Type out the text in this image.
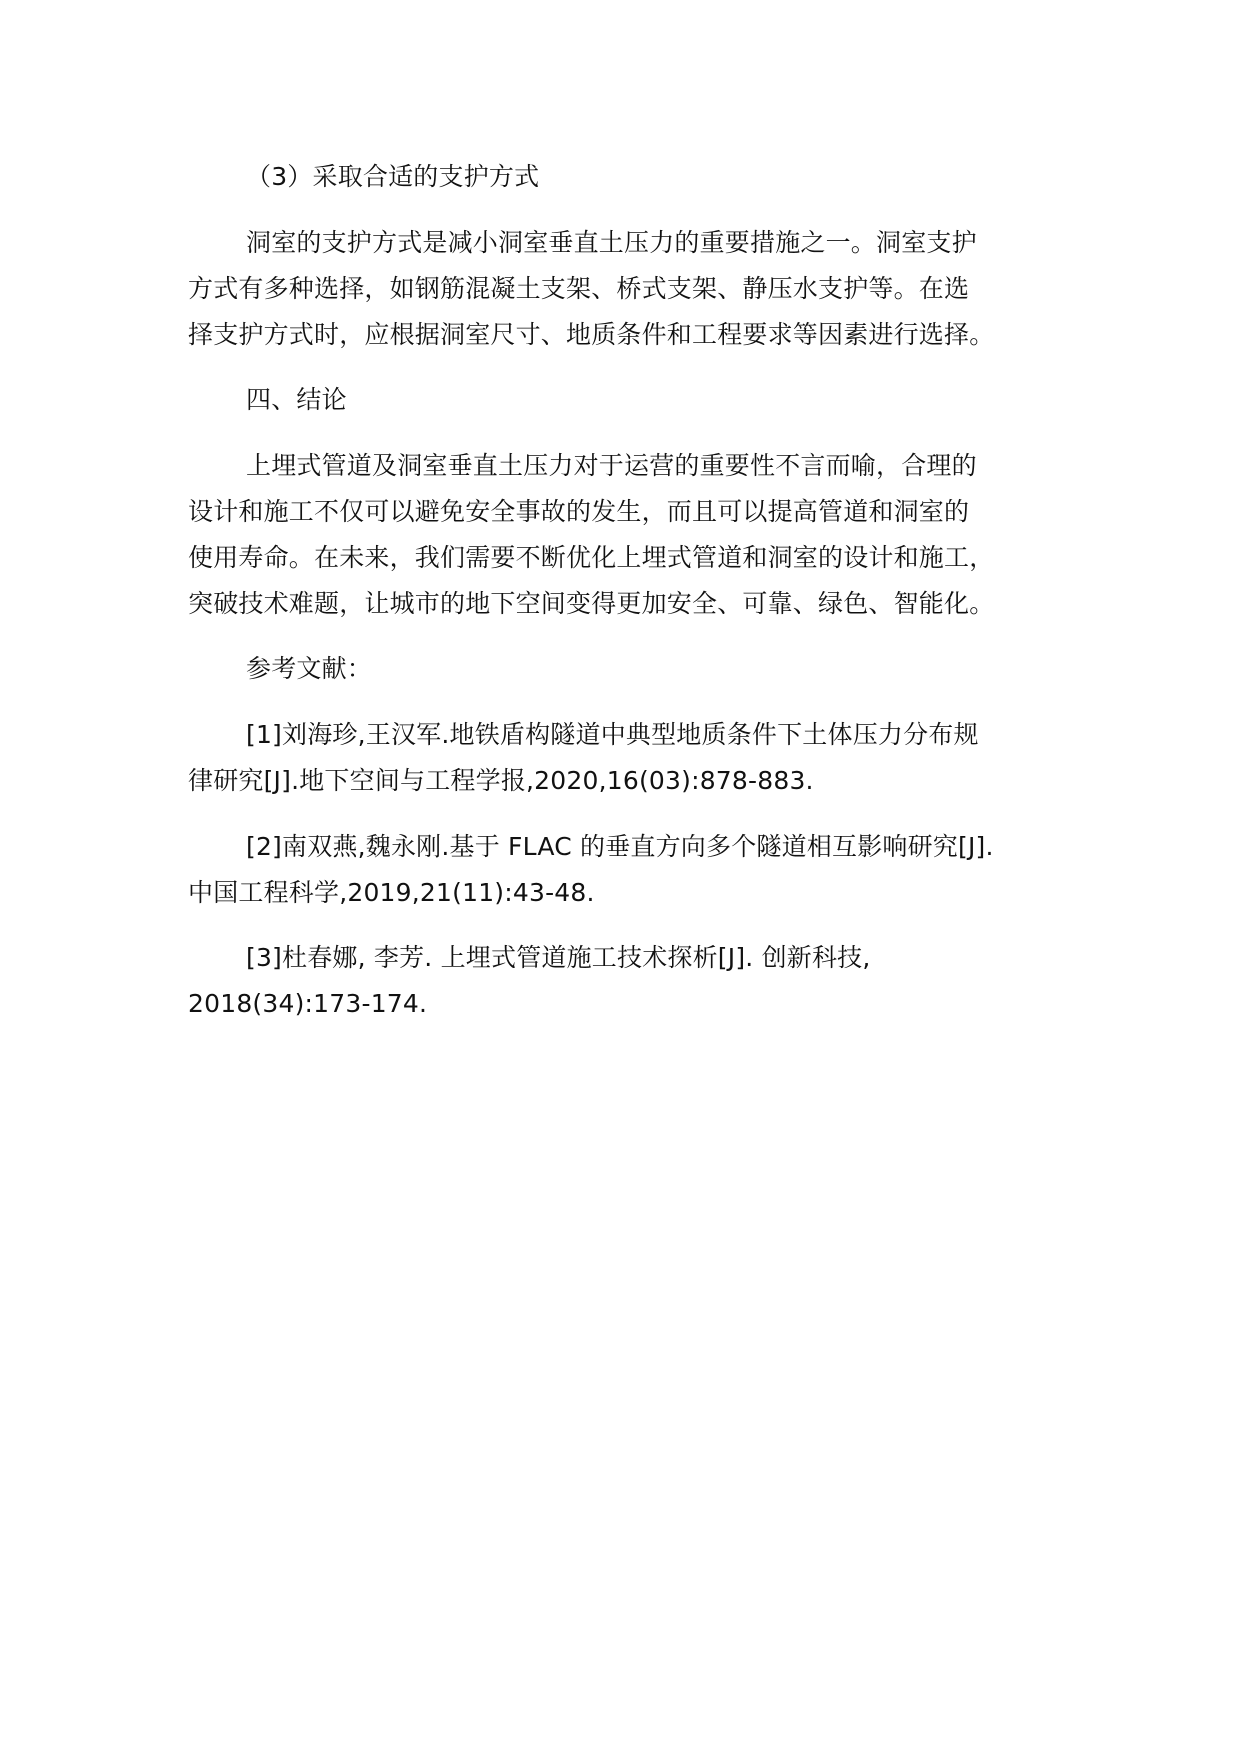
（3）采取合适的支护方式
洞室的支护方式是减小洞室垂直土压力的重要措施之一。洞室支护
方式有多种选择，如钢筋混凝土支架、桥式支架、静压水支护等。在选
择支护方式时，应根据洞室尺寸、地质条件和工程要求等因素进行选择。
四、结论
上埋式管道及洞室垂直土压力对于运营的重要性不言而喻，合理的
设计和施工不仅可以避免安全事故的发生，而且可以提高管道和洞室的
使用寿命。在未来，我们需要不断优化上埋式管道和洞室的设计和施工，
突破技术难题，让城市的地下空间变得更加安全、可靠、绿色、智能化。
参考文献：
[1]刘海珍,王汉军.地铁盾构隧道中典型地质条件下土体压力分布规
律研究[J].地下空间与工程学报,2020,16(03):878-883.
[2]南双燕,魏永刚.基于 FLAC 的垂直方向多个隧道相互影响研究[J].
中国工程科学,2019,21(11):43-48.
[3]杜春娜, 李芳. 上埋式管道施工技术探析[J]. 创新科技,
2018(34):173-174.
